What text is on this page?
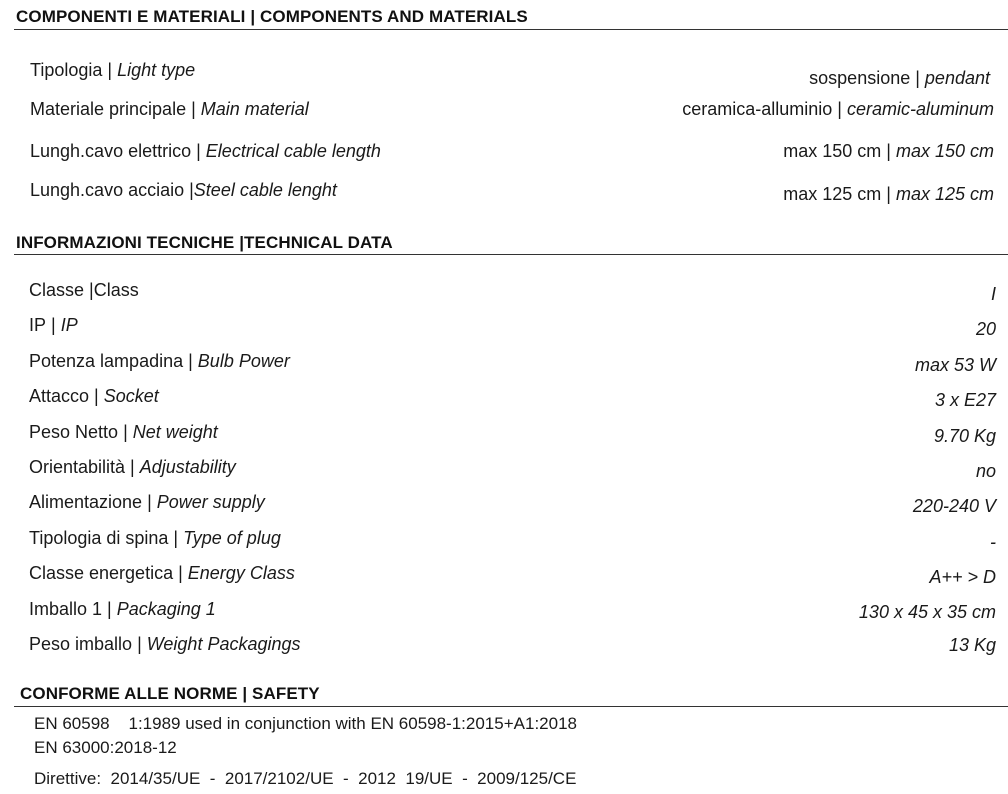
COMPONENTI E MATERIALI | COMPONENTS AND MATERIALS
Tipologia | Light type	sospensione | pendant
Materiale principale | Main material	ceramica-alluminio | ceramic-aluminum
Lungh.cavo elettrico | Electrical cable length	max 150 cm | max 150 cm
Lungh.cavo acciaio |Steel cable lenght	max 125 cm | max 125 cm
INFORMAZIONI TECNICHE |TECHNICAL DATA
Classe |Class	I
IP | IP	20
Potenza lampadina | Bulb Power	max 53 W
Attacco | Socket	3 x E27
Peso Netto | Net weight	9.70 Kg
Orientabilità | Adjustability	no
Alimentazione | Power supply	220-240 V
Tipologia di spina | Type of plug	-
Classe energetica | Energy Class	A++ > D
Imballo 1 | Packaging 1	130 x 45 x 35 cm
Peso imballo | Weight Packagings	13 Kg
CONFORME ALLE NORME | SAFETY
EN 60598    1:1989 used in conjunction with EN 60598-1:2015+A1:2018
EN 63000:2018-12
Direttive:  2014/35/UE  -  2017/2102/UE  -  2012  19/UE  -  2009/125/CE
